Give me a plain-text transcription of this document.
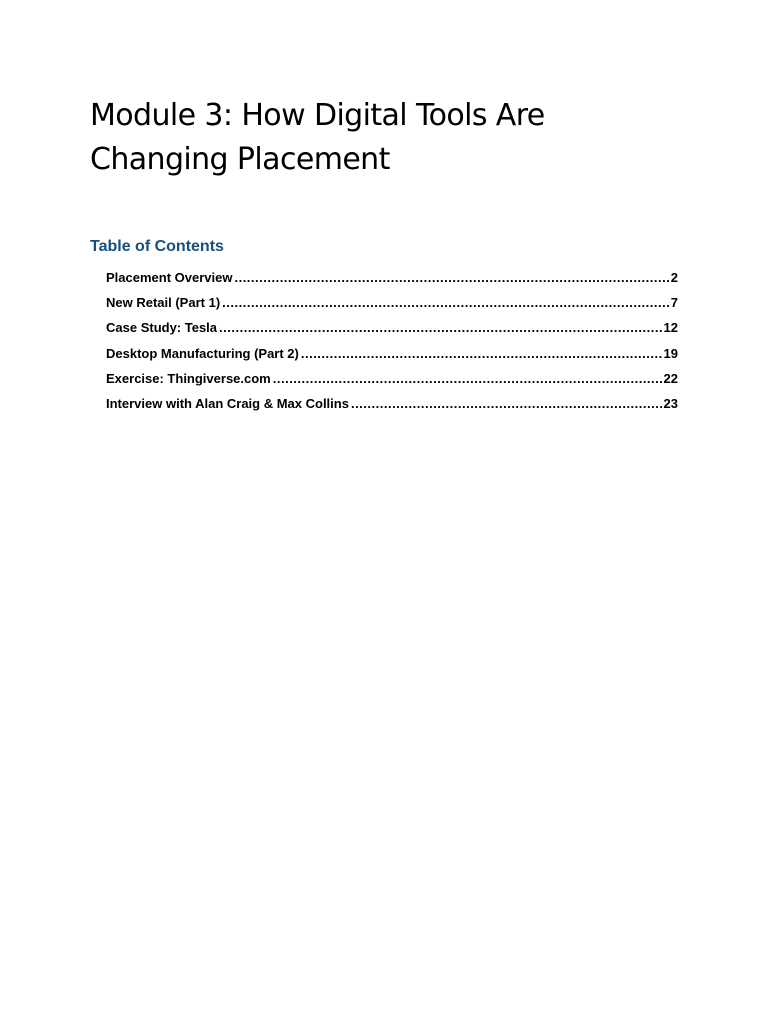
Module 3: How Digital Tools Are Changing Placement
Table of Contents
Placement Overview .....	2
New Retail (Part 1) .....	7
Case Study: Tesla .....	12
Desktop Manufacturing (Part 2) .....	19
Exercise: Thingiverse.com .....	22
Interview with Alan Craig & Max Collins .....	23
